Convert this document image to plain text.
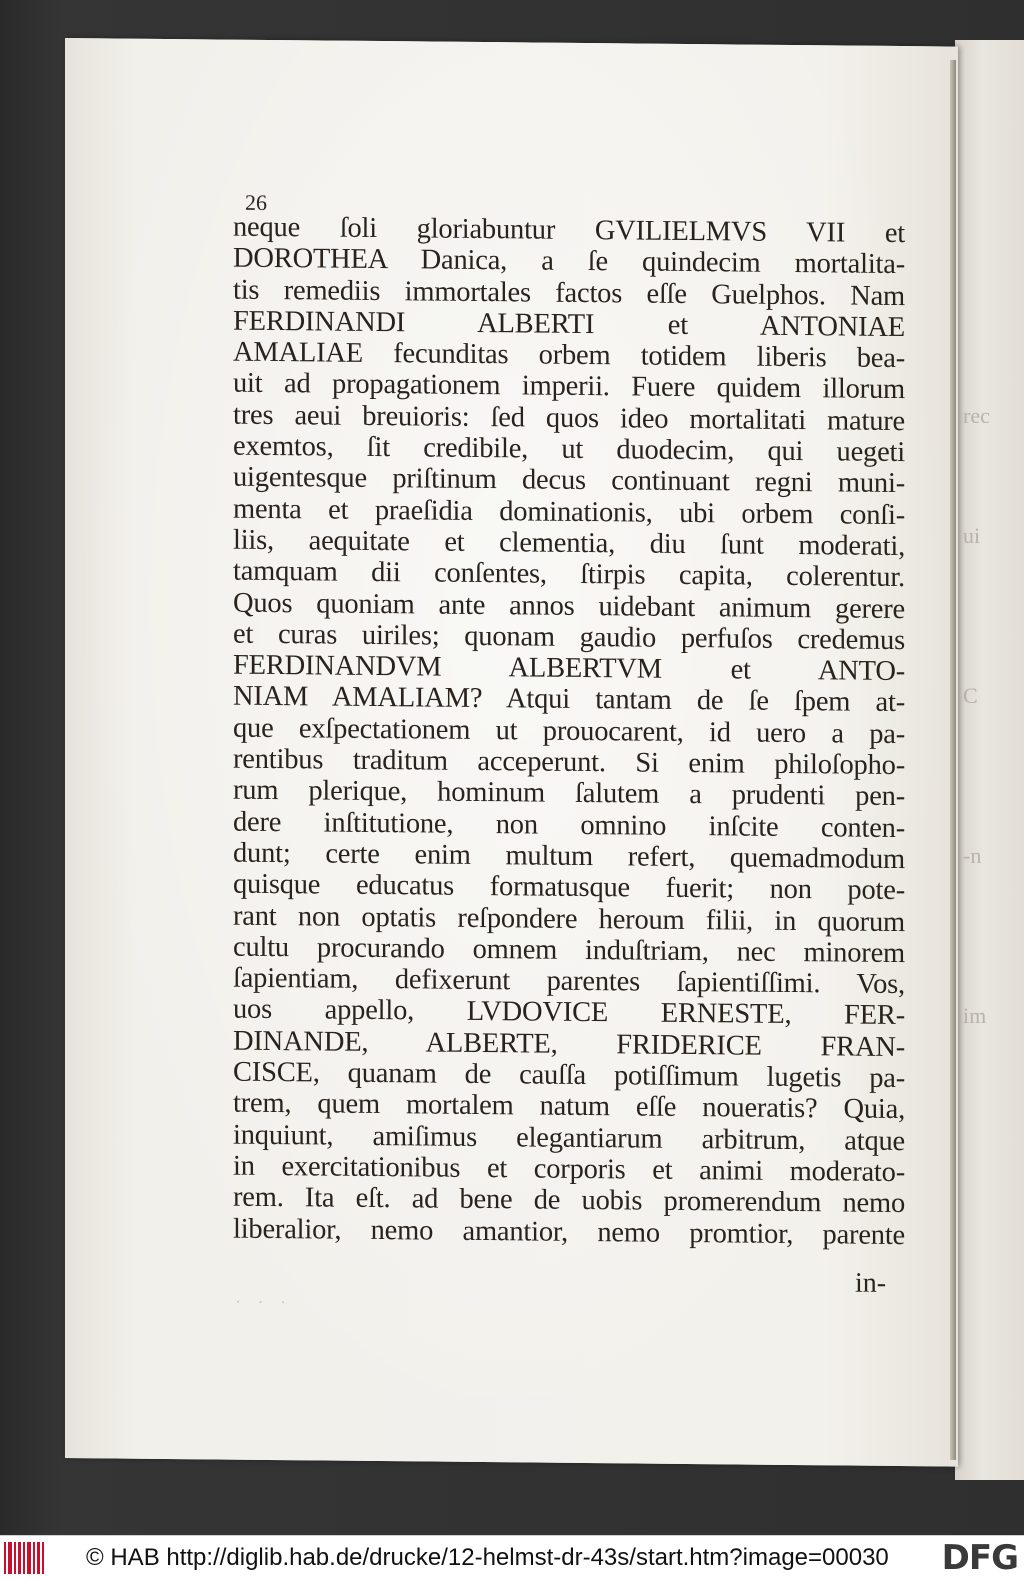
rec
ui
C
-n
im
26
neque ſoli gloriabuntur GVILIELMVS VII et
DOROTHEA Danica, a ſe quindecim mortalita-
tis remediis immortales factos eſſe Guelphos. Nam
FERDINANDI ALBERTI et ANTONIAE
AMALIAE fecunditas orbem totidem liberis bea-
uit ad propagationem imperii. Fuere quidem illorum
tres aeui breuioris: ſed quos ideo mortalitati mature
exemtos, ſit credibile, ut duodecim, qui uegeti
uigentesque priſtinum decus continuant regni muni-
menta et praeſidia dominationis, ubi orbem conſi-
liis, aequitate et clementia, diu ſunt moderati,
tamquam dii conſentes, ſtirpis capita, colerentur.
Quos quoniam ante annos uidebant animum gerere
et curas uiriles; quonam gaudio perfuſos credemus
FERDINANDVM ALBERTVM et ANTO-
NIAM AMALIAM? Atqui tantam de ſe ſpem at-
que exſpectationem ut prouocarent, id uero a pa-
rentibus traditum acceperunt. Si enim philoſopho-
rum plerique, hominum ſalutem a prudenti pen-
dere inſtitutione, non omnino inſcite conten-
dunt; certe enim multum refert, quemadmodum
quisque educatus formatusque fuerit; non pote-
rant non optatis reſpondere heroum filii, in quorum
cultu procurando omnem induſtriam, nec minorem
ſapientiam, defixerunt parentes ſapientiſſimi. Vos,
uos appello, LVDOVICE ERNESTE, FER-
DINANDE, ALBERTE, FRIDERICE FRAN-
CISCE, quanam de cauſſa potiſſimum lugetis pa-
trem, quem mortalem natum eſſe noueratis? Quia,
inquiunt, amiſimus elegantiarum arbitrum, atque
in exercitationibus et corporis et animi moderato-
rem. Ita eſt. ad bene de uobis promerendum nemo
liberalior, nemo amantior, nemo promtior, parente
· · ·
in-
© HAB http://diglib.hab.de/drucke/12-helmst-dr-43s/start.htm?image=00030 DFG
